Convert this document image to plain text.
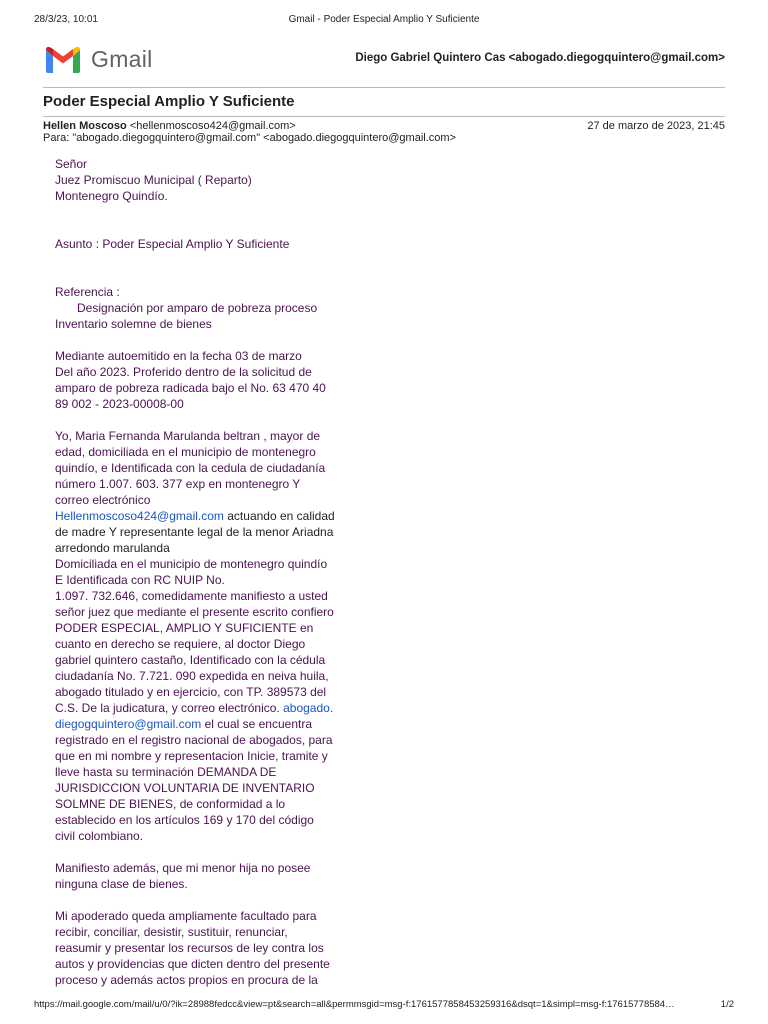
28/3/23, 10:01	Gmail - Poder Especial Amplio Y Suficiente
Gmail	Diego Gabriel Quintero Cas <abogado.diegogquintero@gmail.com>
Poder Especial Amplio Y Suficiente
Hellen Moscoso <hellenmoscoso424@gmail.com>	27 de marzo de 2023, 21:45
Para: "abogado.diegogquintero@gmail.com" <abogado.diegogquintero@gmail.com>
Señor
Juez Promiscuo Municipal ( Reparto)
Montenegro Quindío.
Asunto : Poder Especial Amplio Y Suficiente
Referencia :
Designación por amparo de pobreza proceso
Inventario solemne de bienes
Mediante autoemitido en la fecha 03 de marzo
Del año 2023. Proferido dentro de la solicitud de
amparo de pobreza radicada bajo el No. 63 470 40
89 002 - 2023-00008-00
Yo, Maria Fernanda Marulanda beltran , mayor de
edad, domiciliada en el municipio de montenegro
quindío, e Identificada con la cedula de ciudadanía
número 1.007. 603. 377 exp en montenegro Y
correo electrónico
Hellenmoscoso424@gmail.com actuando en calidad
de madre Y representante legal de la menor Ariadna
arredondo marulanda
Domiciliada en el municipio de montenegro quindío
E Identificada con RC NUIP No.
1.097. 732.646, comedidamente manifiesto a usted
señor juez que mediante el presente escrito confiero
PODER ESPECIAL, AMPLIO Y SUFICIENTE en
cuanto en derecho se requiere, al doctor Diego
gabriel quintero castaño, Identificado con la cédula
ciudadanía No. 7.721. 090 expedida en neiva huila,
abogado titulado y en ejercicio, con TP. 389573 del
C.S. De la judicatura, y correo electrónico. abogado.
diegogquintero@gmail.com el cual se encuentra
registrado en el registro nacional de abogados, para
que en mi nombre y representacion Inicie, tramite y
lleve hasta su terminación DEMANDA DE
JURISDICCION VOLUNTARIA DE INVENTARIO
SOLMNE DE BIENES, de conformidad a lo
establecido en los artículos 169 y 170 del código
civil colombiano.
Manifiesto además, que mi menor hija no posee
ninguna clase de bienes.
Mi apoderado queda ampliamente facultado para
recibir, conciliar, desistir, sustituir, renunciar,
reasumir y presentar los recursos de ley contra los
autos y providencias que dicten dentro del presente
proceso y además actos propios en procura de la
https://mail.google.com/mail/u/0/?ik=28988fedcc&view=pt&search=all&permmsgid=msg-f:1761577858453259316&dsqt=1&simpl=msg-f:17615778584…	1/2
